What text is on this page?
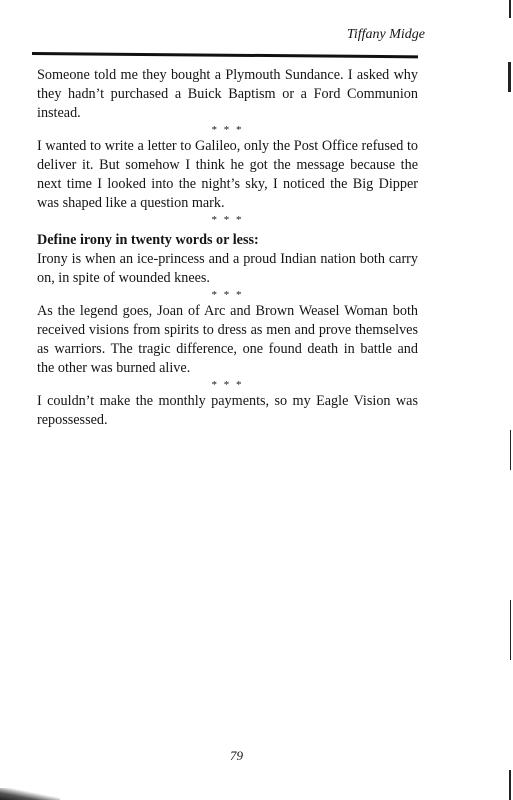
Tiffany Midge

Someone told me they bought a Plymouth Sundance. I asked why they hadn’t purchased a Buick Baptism or a Ford Communion instead.

* * *

I wanted to write a letter to Galileo, only the Post Office refused to deliver it. But somehow I think he got the message because the next time I looked into the night’s sky, I noticed the Big Dipper was shaped like a question mark.

* * *

Define irony in twenty words or less:

Irony is when an ice-princess and a proud Indian nation both carry on, in spite of wounded knees.

* * *

As the legend goes, Joan of Arc and Brown Weasel Woman both received visions from spirits to dress as men and prove themselves as warriors. The tragic difference, one found death in battle and the other was burned alive.

* * *

I couldn’t make the monthly payments, so my Eagle Vision was repossessed.

79
